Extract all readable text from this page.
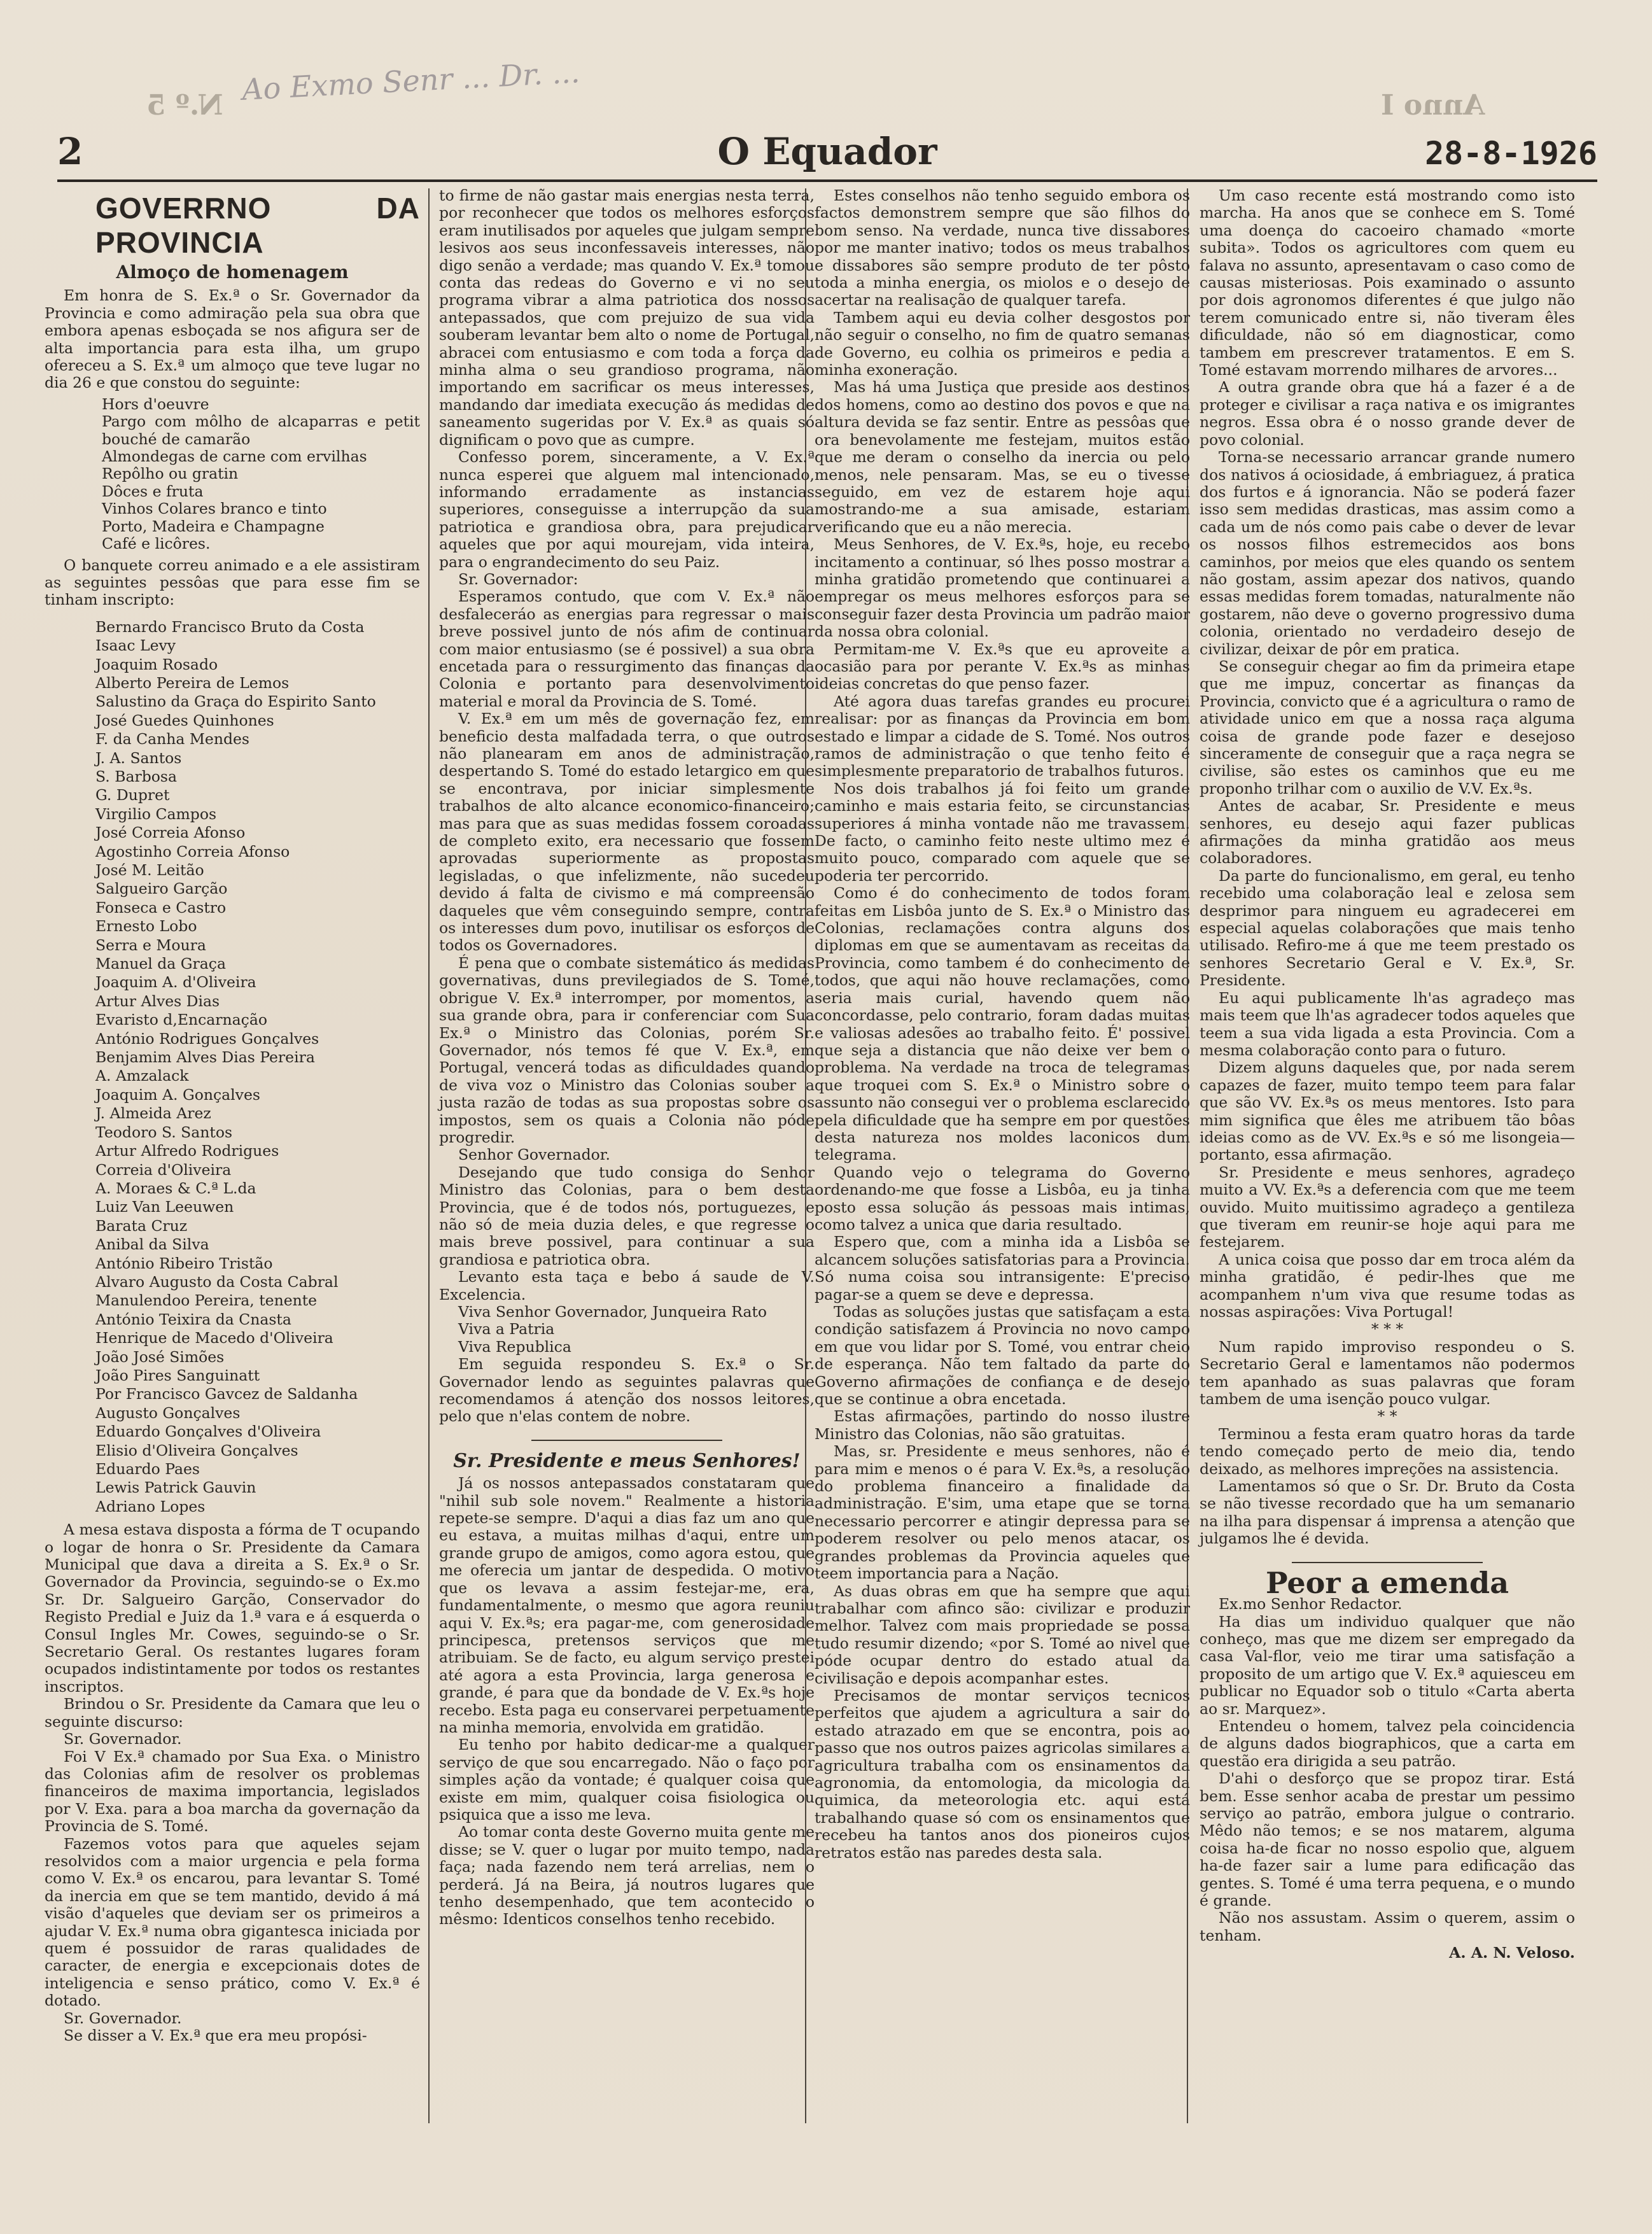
Ao Exmo Senr ... Dr. ...
N.º 5	Anno I
2	O Equador	28-8-1926
GOVERRNO DA PROVINCIA
Almoço de homenagem

Em honra de S. Ex.ª o Sr. Governador da Provincia e como admiração pela sua obra que embora apenas esboçada se nos afigura ser de alta importancia para esta ilha, um grupo ofereceu a S. Ex.ª um almoço que teve lugar no dia 26 e que constou do seguinte:

Hors d'oeuvre
Pargo com môlho de alcaparras e petit bouché de camarão
Almondegas de carne com ervilhas
Repôlho ou gratin
Dôces e fruta
Vinhos Colares branco e tinto
Porto, Madeira e Champagne
Café e licôres.

O banquete correu animado e a ele assistiram as seguintes pessôas que para esse fim se tinham inscripto:

Bernardo Francisco Bruto da Costa
Isaac Levy
Joaquim Rosado
Alberto Pereira de Lemos
Salustino da Graça do Espirito Santo
José Guedes Quinhones
F. da Canha Mendes
J. A. Santos
S. Barbosa
G. Dupret
Virgilio Campos
José Correia Afonso
Agostinho Correia Afonso
José M. Leitão
Salgueiro Garção
Fonseca e Castro
Ernesto Lobo
Serra e Moura
Manuel da Graça
Joaquim A. d'Oliveira
Artur Alves Dias
Evaristo d,Encarnação
António Rodrigues Gonçalves
Benjamim Alves Dias Pereira
A. Amzalack
Joaquim A. Gonçalves
J. Almeida Arez
Teodoro S. Santos
Artur Alfredo Rodrigues
Correia d'Oliveira
A. Moraes & C.ª L.da
Luiz Van Leeuwen
Barata Cruz
Anibal da Silva
António Ribeiro Tristão
Alvaro Augusto da Costa Cabral
Manulendoo Pereira, tenente
António Teixira da Cnasta
Henrique de Macedo d'Oliveira
João José Simões
João Pires Sanguinatt
Por Francisco Gavcez de Saldanha
Augusto Gonçalves
Eduardo Gonçalves d'Oliveira
Elisio d'Oliveira Gonçalves
Eduardo Paes
Lewis Patrick Gauvin
Adriano Lopes

A mesa estava disposta a fórma de T ocupando o logar de honra o Sr. Presidente da Camara Municipal que dava a direita a S. Ex.ª o Sr. Governador da Provincia, seguindo-se o Ex.mo Sr. Dr. Salgueiro Garção, Conservador do Registo Predial e Juiz da 1.ª vara e á esquerda o Consul Ingles Mr. Cowes, seguindo-se o Sr. Secretario Geral. Os restantes lugares foram ocupados indistintamente por todos os restantes inscriptos.

Brindou o Sr. Presidente da Camara que leu o seguinte discurso:

Sr. Governador.

Foi V Ex.ª chamado por Sua Exa. o Ministro das Colonias afim de resolver os problemas financeiros de maxima importancia, legislados por V. Exa. para a boa marcha da governação da Provincia de S. Tomé.

Fazemos votos para que aqueles sejam resolvidos com a maior urgencia e pela forma como V. Ex.ª os encarou, para levantar S. Tomé da inercia em que se tem mantido, devido á má visão d'aqueles que deviam ser os primeiros a ajudar V. Ex.ª numa obra gigantesca iniciada por quem é possuidor de raras qualidades de caracter, de energia e excepcionais dotes de inteligencia e senso prático, como V. Ex.ª é dotado.

Sr. Governador.

Se disser a V. Ex.ª que era meu propósi-

to firme de não gastar mais energias nesta terra, por reconhecer que todos os melhores esforços eram inutilisados por aqueles que julgam sempre lesivos aos seus inconfessaveis interesses, não digo senão a verdade; mas quando V. Ex.ª tomou conta das redeas do Governo e vi no seu programa vibrar a alma patriotica dos nossos antepassados, que com prejuizo de sua vida souberam levantar bem alto o nome de Portugal, abracei com entusiasmo e com toda a força da minha alma o seu grandioso programa, não importando em sacrificar os meus interesses, mandando dar imediata execução ás medidas de saneamento sugeridas por V. Ex.ª as quais só dignificam o povo que as cumpre.

Confesso porem, sinceramente, a V. Ex.ª nunca esperei que alguem mal intencionado, informando erradamente as instancias superiores, conseguisse a interrupção da sua patriotica e grandiosa obra, para prejudicar aqueles que por aqui mourejam, vida inteira, para o engrandecimento do seu Paiz.

Sr. Governador:

Esperamos contudo, que com V. Ex.ª não desfaleceráo as energias para regressar o mais breve possivel junto de nós afim de continuar com maior entusiasmo (se é possivel) a sua obra encetada para o ressurgimento das finanças da Colonia e portanto para desenvolvimento material e moral da Provincia de S. Tomé.

V. Ex.ª em um mês de governação fez, em beneficio desta malfadada terra, o que outros não planearam em anos de administração, despertando S. Tomé do estado letargico em que se encontrava, por iniciar simplesmente trabalhos de alto alcance economico-financeiro; mas para que as suas medidas fossem coroadas de completo exito, era necessario que fossem aprovadas superiormente as propostas legisladas, o que infelizmente, não sucedeu devido á falta de civismo e má compreensão daqueles que vêm conseguindo sempre, contra os interesses dum povo, inutilisar os esforços de todos os Governadores.

É pena que o combate sistemático ás medidas governativas, duns previlegiados de S. Tomé, obrigue V. Ex.ª interromper, por momentos, a sua grande obra, para ir conferenciar com Sua Ex.ª o Ministro das Colonias, porém Sr. Governador, nós temos fé que V. Ex.ª, em Portugal, vencerá todas as dificuldades quando de viva voz o Ministro das Colonias souber a justa razão de todas as sua propostas sobre os impostos, sem os quais a Colonia não póde progredir.

Senhor Governador.

Desejando que tudo consiga do Senhor Ministro das Colonias, para o bem desta Provincia, que é de todos nós, portuguezes, e não só de meia duzia deles, e que regresse o mais breve possivel, para continuar a sua grandiosa e patriotica obra.

Levanto esta taça e bebo á saude de V. Excelencia.

Viva Senhor Governador, Junqueira Rato

Viva a Patria

Viva Republica

Em seguida respondeu S. Ex.ª o Sr. Governador lendo as seguintes palavras que recomendamos á atenção dos nossos leitores, pelo que n'elas contem de nobre.

Sr. Presidente e meus Senhores!

Já os nossos antepassados constataram que "nihil sub sole novem." Realmente a historia repete-se sempre. D'aqui a dias faz um ano que eu estava, a muitas milhas d'aqui, entre um grande grupo de amigos, como agora estou, que me oferecia um jantar de despedida. O motivo que os levava a assim festejar-me, era, fundamentalmente, o mesmo que agora reuniu aqui V. Ex.ªs; era pagar-me, com generosidade principesca, pretensos serviços que me atribuiam. Se de facto, eu algum serviço prestei até agora a esta Provincia, larga generosa e grande, é para que da bondade de V. Ex.ªs hoje recebo. Esta paga eu conservarei perpetuamente na minha memoria, envolvida em gratidão.

Eu tenho por habito dedicar-me a qualquer serviço de que sou encarregado. Não o faço por simples ação da vontade; é qualquer coisa que existe em mim, qualquer coisa fisiologica ou psiquica que a isso me leva.

Ao tomar conta deste Governo muita gente me disse; se V. quer o lugar por muito tempo, nada faça; nada fazendo nem terá arrelias, nem o perderá. Já na Beira, já noutros lugares que tenho desempenhado, que tem acontecido o mêsmo: Identicos conselhos tenho recebido.

Estes conselhos não tenho seguido embora os factos demonstrem sempre que são filhos do bom senso. Na verdade, nunca tive dissabores por me manter inativo; todos os meus trabalhos e dissabores são sempre produto de ter pôsto toda a minha energia, os miolos e o desejo de acertar na realisação de qualquer tarefa.

Tambem aqui eu devia colher desgostos por não seguir o conselho, no fim de quatro semanas de Governo, eu colhia os primeiros e pedia a minha exoneração.

Mas há uma Justiça que preside aos destinos dos homens, como ao destino dos povos e que na altura devida se faz sentir. Entre as pessôas que ora benevolamente me festejam, muitos estão que me deram o conselho da inercia ou pelo menos, nele pensaram. Mas, se eu o tivesse seguido, em vez de estarem hoje aqui mostrando-me a sua amisade, estariam verificando que eu a não merecia.

Meus Senhores, de V. Ex.ªs, hoje, eu recebo incitamento a continuar, só lhes posso mostrar a minha gratidão prometendo que continuarei a empregar os meus melhores esforços para se conseguir fazer desta Provincia um padrão maior da nossa obra colonial.

Permitam-me V. Ex.ªs que eu aproveite a ocasião para por perante V. Ex.ªs as minhas ideias concretas do que penso fazer.

Até agora duas tarefas grandes eu procurei realisar: por as finanças da Provincia em bom estado e limpar a cidade de S. Tomé. Nos outros ramos de administração o que tenho feito é simplesmente preparatorio de trabalhos futuros.

Nos dois trabalhos já foi feito um grande caminho e mais estaria feito, se circunstancias superiores á minha vontade não me travassem. De facto, o caminho feito neste ultimo mez é muito pouco, comparado com aquele que se poderia ter percorrido.

Como é do conhecimento de todos foram feitas em Lisbôa junto de S. Ex.ª o Ministro das Colonias, reclamações contra alguns dos diplomas em que se aumentavam as receitas da Provincia, como tambem é do conhecimento de todos, que aqui não houve reclamações, como seria mais curial, havendo quem não concordasse, pelo contrario, foram dadas muitas e valiosas adesões ao trabalho feito. É' possivel que seja a distancia que não deixe ver bem o problema. Na verdade na troca de telegramas que troquei com S. Ex.ª o Ministro sobre o assunto não consegui ver o problema esclarecido pela dificuldade que ha sempre em por questões desta natureza nos moldes laconicos dum telegrama.

Quando vejo o telegrama do Governo ordenando-me que fosse a Lisbôa, eu ja tinha posto essa solução ás pessoas mais intimas, como talvez a unica que daria resultado.

Espero que, com a minha ida a Lisbôa se alcancem soluções satisfatorias para a Provincia. Só numa coisa sou intransigente: E'preciso pagar-se a quem se deve e depressa.

Todas as soluções justas que satisfaçam a esta condição satisfazem á Provincia no novo campo em que vou lidar por S. Tomé, vou entrar cheio de esperança. Não tem faltado da parte do Governo afirmações de confiança e de desejo que se continue a obra encetada.

Estas afirmações, partindo do nosso ilustre Ministro das Colonias, não são gratuitas.

Mas, sr. Presidente e meus senhores, não é para mim e menos o é para V. Ex.ªs, a resolução do problema financeiro a finalidade da administração. E'sim, uma etape que se torna necessario percorrer e atingir depressa para se poderem resolver ou pelo menos atacar, os grandes problemas da Provincia aqueles que teem importancia para a Nação.

As duas obras em que ha sempre que aqui trabalhar com afinco são: civilizar e produzir melhor. Talvez com mais propriedade se possa tudo resumir dizendo; «por S. Tomé ao nivel que póde ocupar dentro do estado atual da civilisação e depois acompanhar estes.

Precisamos de montar serviços tecnicos perfeitos que ajudem a agricultura a sair do estado atrazado em que se encontra, pois ao passo que nos outros paizes agricolas similares a agricultura trabalha com os ensinamentos da agronomia, da entomologia, da micologia da quimica, da meteorologia etc. aqui está trabalhando quase só com os ensinamentos que recebeu ha tantos anos dos pioneiros cujos retratos estão nas paredes desta sala.

Um caso recente está mostrando como isto marcha. Ha anos que se conhece em S. Tomé uma doença do cacoeiro chamado «morte subita». Todos os agricultores com quem eu falava no assunto, apresentavam o caso como de causas misteriosas. Pois examinado o assunto por dois agronomos diferentes é que julgo não terem comunicado entre si, não tiveram êles dificuldade, não só em diagnosticar, como tambem em prescrever tratamentos. E em S. Tomé estavam morrendo milhares de arvores...

A outra grande obra que há a fazer é a de proteger e civilisar a raça nativa e os imigrantes negros. Essa obra é o nosso grande dever de povo colonial.

Torna-se necessario arrancar grande numero dos nativos á ociosidade, á embriaguez, á pratica dos furtos e á ignorancia. Não se poderá fazer isso sem medidas drasticas, mas assim como a cada um de nós como pais cabe o dever de levar os nossos filhos estremecidos aos bons caminhos, por meios que eles quando os sentem não gostam, assim apezar dos nativos, quando essas medidas forem tomadas, naturalmente não gostarem, não deve o governo progressivo duma colonia, orientado no verdadeiro desejo de civilizar, deixar de pôr em pratica.

Se conseguir chegar ao fim da primeira etape que me impuz, concertar as finanças da Provincia, convicto que é a agricultura o ramo de atividade unico em que a nossa raça alguma coisa de grande pode fazer e desejoso sinceramente de conseguir que a raça negra se civilise, são estes os caminhos que eu me proponho trilhar com o auxilio de V.V. Ex.ªs.

Antes de acabar, Sr. Presidente e meus senhores, eu desejo aqui fazer publicas afirmações da minha gratidão aos meus colaboradores.

Da parte do funcionalismo, em geral, eu tenho recebido uma colaboração leal e zelosa sem desprimor para ninguem eu agradecerei em especial aquelas colaborações que mais tenho utilisado. Refiro-me á que me teem prestado os senhores Secretario Geral e V. Ex.ª, Sr. Presidente.

Eu aqui publicamente lh'as agradeço mas mais teem que lh'as agradecer todos aqueles que teem a sua vida ligada a esta Provincia. Com a mesma colaboração conto para o futuro.

Dizem alguns daqueles que, por nada serem capazes de fazer, muito tempo teem para falar que são VV. Ex.ªs os meus mentores. Isto para mim significa que êles me atribuem tão bôas ideias como as de VV. Ex.ªs e só me lisongeia—portanto, essa afirmação.

Sr. Presidente e meus senhores, agradeço muito a VV. Ex.ªs a deferencia com que me teem ouvido. Muito muitissimo agradeço a gentileza que tiveram em reunir-se hoje aqui para me festejarem.

A unica coisa que posso dar em troca além da minha gratidão, é pedir-lhes que me acompanhem n'um viva que resume todas as nossas aspirações: Viva Portugal!

* * *

Num rapido improviso respondeu o S. Secretario Geral e lamentamos não podermos tem apanhado as suas palavras que foram tambem de uma isenção pouco vulgar.

* *

Terminou a festa eram quatro horas da tarde tendo começado perto de meio dia, tendo deixado, as melhores impreções na assistencia.

Lamentamos só que o Sr. Dr. Bruto da Costa se não tivesse recordado que ha um semanario na ilha para dispensar á imprensa a atenção que julgamos lhe é devida.

Peor a emenda

Ex.mo Senhor Redactor.

Ha dias um individuo qualquer que não conheço, mas que me dizem ser empregado da casa Val-flor, veio me tirar uma satisfação a proposito de um artigo que V. Ex.ª aquiesceu em publicar no Equador sob o titulo «Carta aberta ao sr. Marquez».

Entendeu o homem, talvez pela coincidencia de alguns dados biographicos, que a carta em questão era dirigida a seu patrão.

D'ahi o desforço que se propoz tirar. Está bem. Esse senhor acaba de prestar um pessimo serviço ao patrão, embora julgue o contrario. Mêdo não temos; e se nos matarem, alguma coisa ha-de ficar no nosso espolio que, alguem ha-de fazer sair a lume para edificação das gentes. S. Tomé é uma terra pequena, e o mundo é grande.

Não nos assustam. Assim o querem, assim o tenham.

A. A. N. Veloso.
